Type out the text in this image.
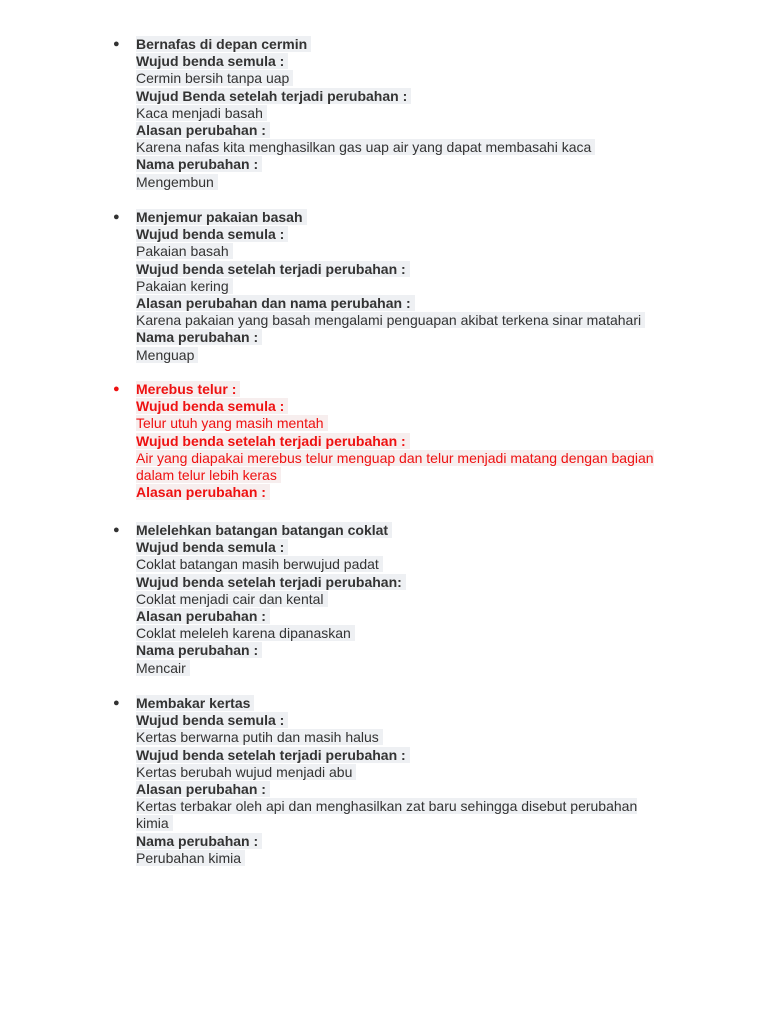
● Bernafas di depan cermin
Wujud benda semula :
Cermin bersih tanpa uap
Wujud Benda setelah terjadi perubahan :
Kaca menjadi basah
Alasan perubahan :
Karena nafas kita menghasilkan gas uap air yang dapat membasahi kaca
Nama perubahan :
Mengembun
● Menjemur pakaian basah
Wujud benda semula :
Pakaian basah
Wujud benda setelah terjadi perubahan :
Pakaian kering
Alasan perubahan dan nama perubahan :
Karena pakaian yang basah mengalami penguapan akibat terkena sinar matahari
Nama perubahan :
Menguap
● Merebus telur :
Wujud benda semula :
Telur utuh yang masih mentah
Wujud benda setelah terjadi perubahan :
Air yang diapakai merebus telur menguap dan telur menjadi matang dengan bagian dalam telur lebih keras
Alasan perubahan :
● Melelehkan batangan batangan coklat
Wujud benda semula :
Coklat batangan masih berwujud padat
Wujud benda setelah terjadi perubahan:
Coklat menjadi cair dan kental
Alasan perubahan :
Coklat meleleh karena dipanaskan
Nama perubahan :
Mencair
● Membakar kertas
Wujud benda semula :
Kertas berwarna putih dan masih halus
Wujud benda setelah terjadi perubahan :
Kertas berubah wujud menjadi abu
Alasan perubahan :
Kertas terbakar oleh api dan menghasilkan zat baru sehingga disebut perubahan kimia
Nama perubahan :
Perubahan kimia
